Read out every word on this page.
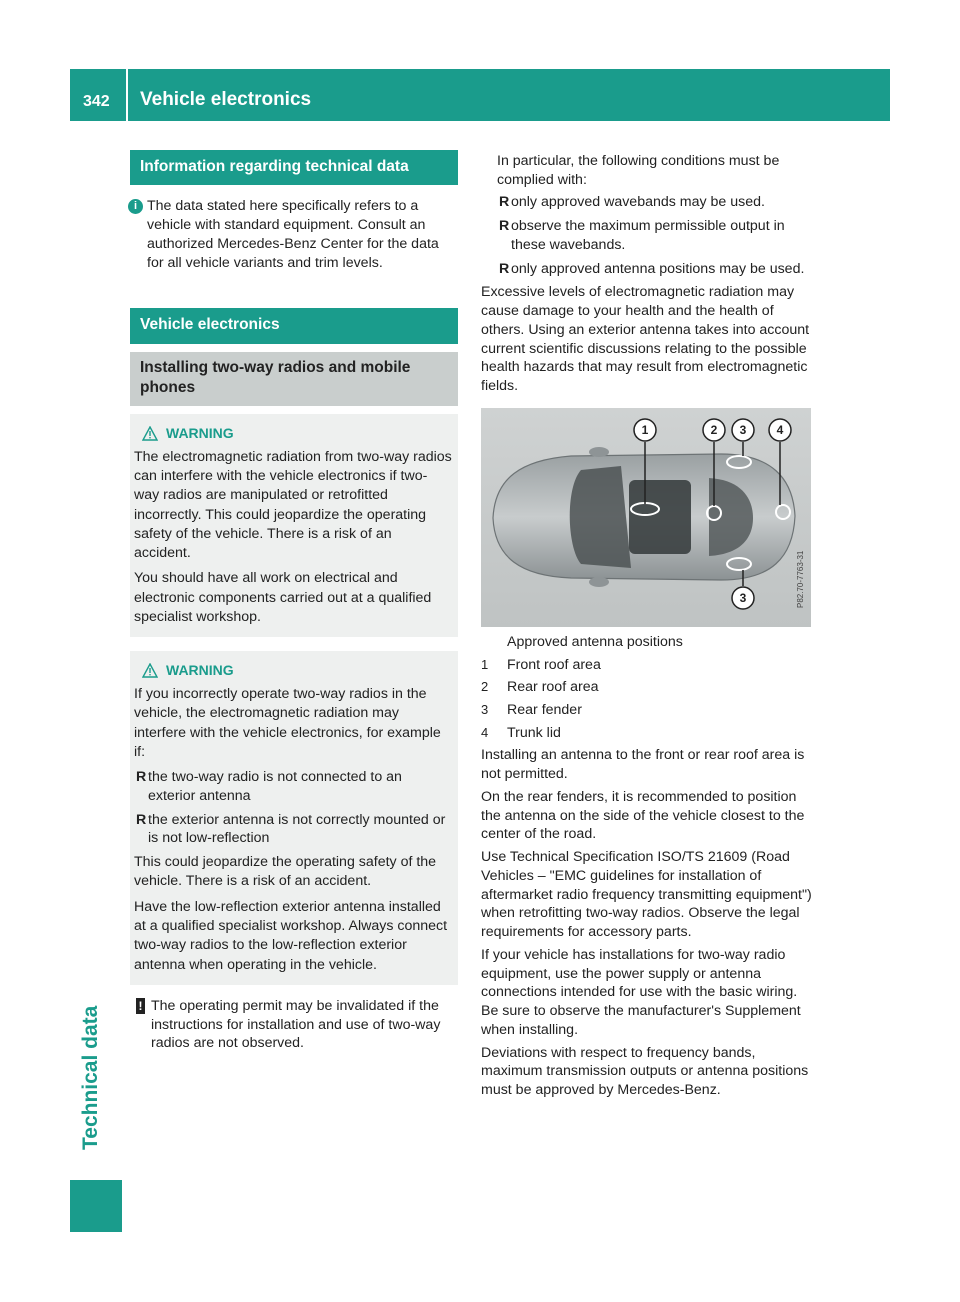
342	Vehicle electronics
Technical data
Information regarding technical data
i The data stated here specifically refers to a vehicle with standard equipment. Consult an authorized Mercedes-Benz Center for the data for all vehicle variants and trim levels.
Vehicle electronics
Installing two-way radios and mobile phones
WARNING

The electromagnetic radiation from two-way radios can interfere with the vehicle electronics if two-way radios are manipulated or retrofitted incorrectly. This could jeopardize the operating safety of the vehicle. There is a risk of an accident.

You should have all work on electrical and electronic components carried out at a qualified specialist workshop.

WARNING

If you incorrectly operate two-way radios in the vehicle, the electromagnetic radiation may interfere with the vehicle electronics, for example if:

R the two-way radio is not connected to an exterior antenna
R the exterior antenna is not correctly mounted or is not low-reflection

This could jeopardize the operating safety of the vehicle. There is a risk of an accident.

Have the low-reflection exterior antenna installed at a qualified specialist workshop. Always connect two-way radios to the low-reflection exterior antenna when operating in the vehicle.

! The operating permit may be invalidated if the instructions for installation and use of two-way radios are not observed.
In particular, the following conditions must be complied with:
R only approved wavebands may be used.
R observe the maximum permissible output in these wavebands.
R only approved antenna positions may be used.
Excessive levels of electromagnetic radiation may cause damage to your health and the health of others. Using an exterior antenna takes into account current scientific discussions relating to the possible health hazards that may result from electromagnetic fields.
1	2 3	4
3	P82.70-7763-31
Approved antenna positions
1	Front roof area
2	Rear roof area
3	Rear fender
4	Trunk lid
Installing an antenna to the front or rear roof area is not permitted.
On the rear fenders, it is recommended to position the antenna on the side of the vehicle closest to the center of the road.
Use Technical Specification ISO/TS 21609 (Road Vehicles – "EMC guidelines for installation of aftermarket radio frequency transmitting equipment") when retrofitting two-way radios. Observe the legal requirements for accessory parts.
If your vehicle has installations for two-way radio equipment, use the power supply or antenna connections intended for use with the basic wiring. Be sure to observe the manufacturer's Supplement when installing.
Deviations with respect to frequency bands, maximum transmission outputs or antenna positions must be approved by Mercedes-Benz.
